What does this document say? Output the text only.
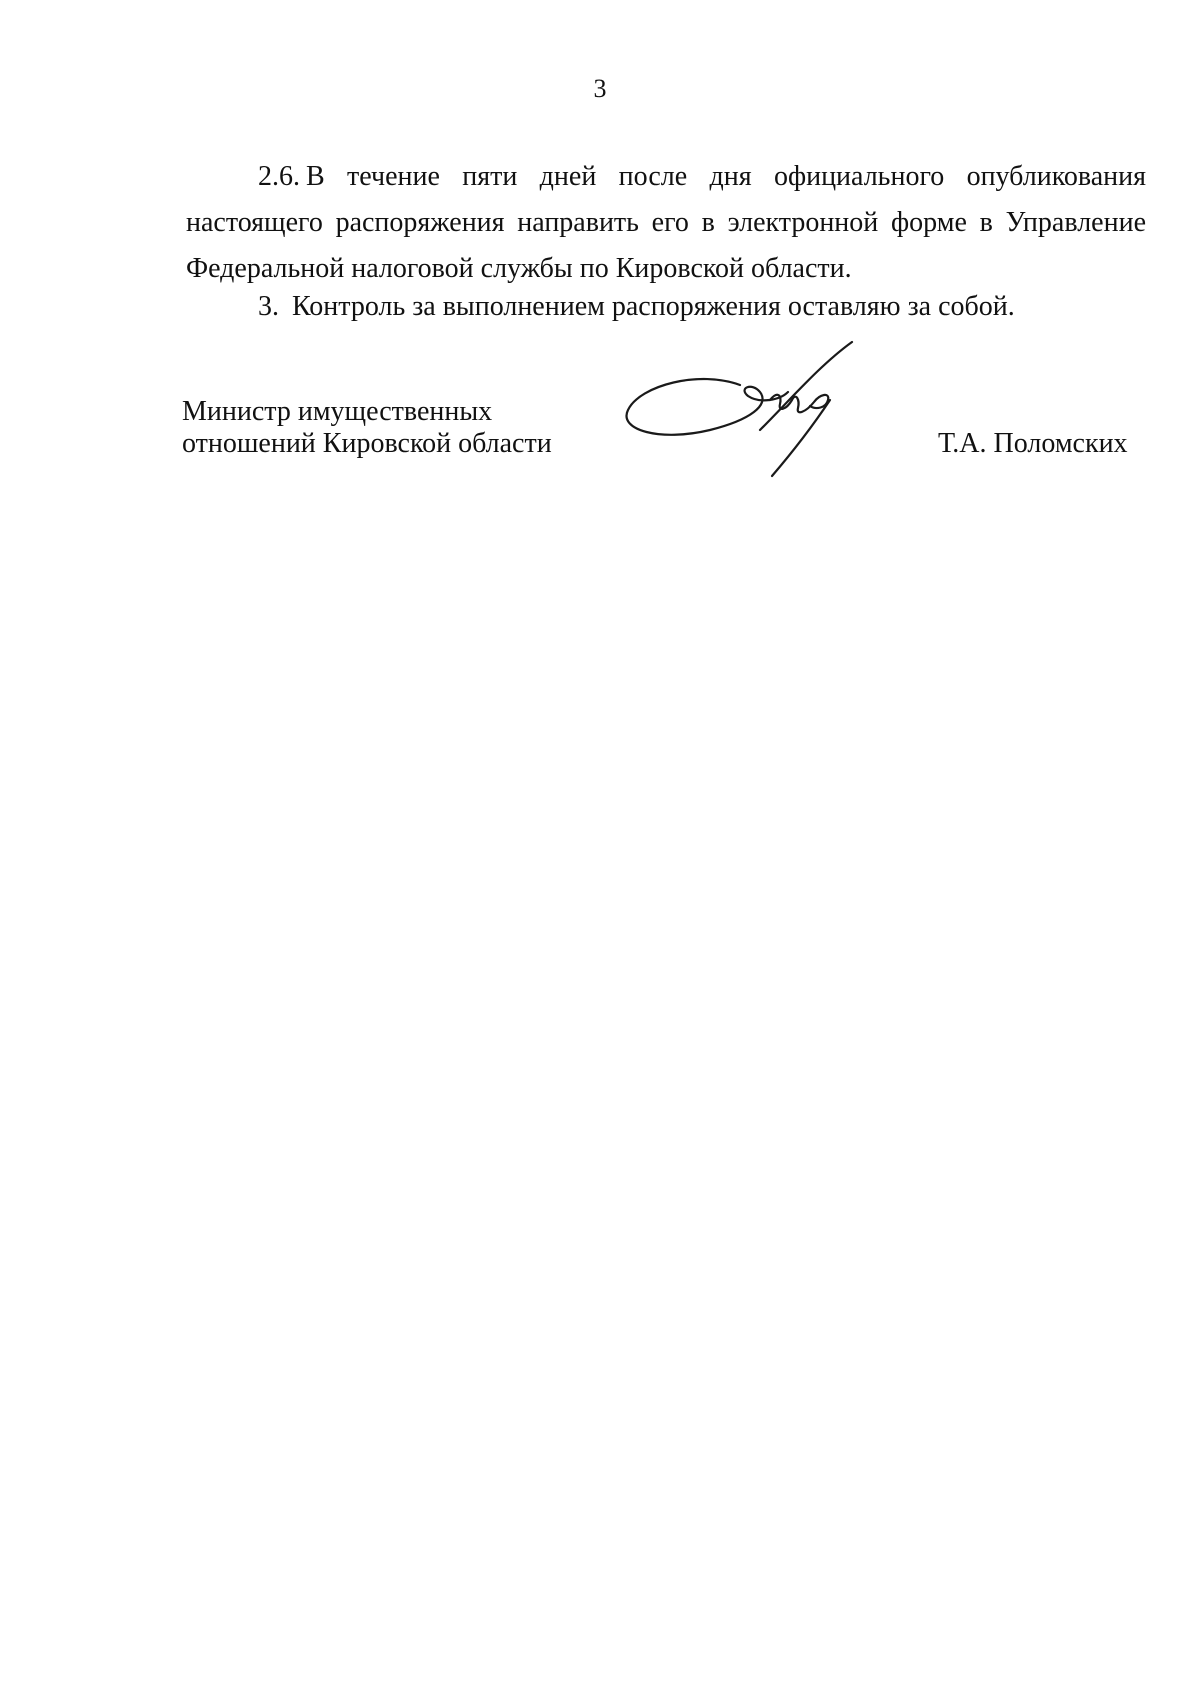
3

2.6. В течение пяти дней после дня официального опубликования настоящего распоряжения направить его в электронной форме в Управление Федеральной налоговой службы по Кировской области.

3. Контроль за выполнением распоряжения оставляю за собой.

Министр имущественных
отношений Кировской области	Т.А. Поломских
